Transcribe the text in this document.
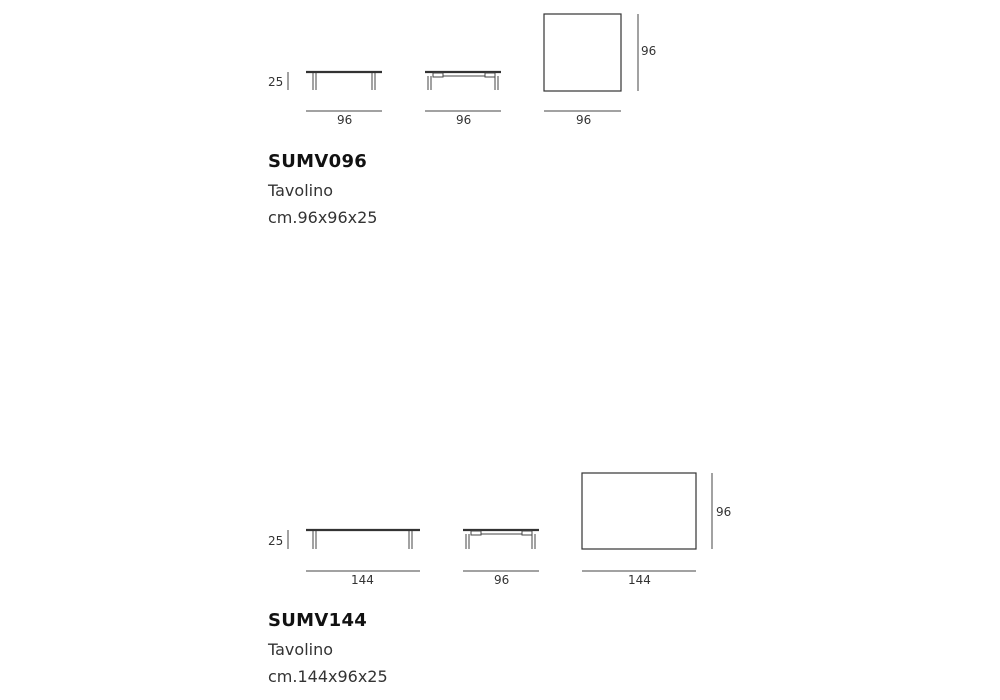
25
96	96	96
96
SUMV096
Tavolino
cm.96x96x25
25
144	96	144
96
SUMV144
Tavolino
cm.144x96x25
